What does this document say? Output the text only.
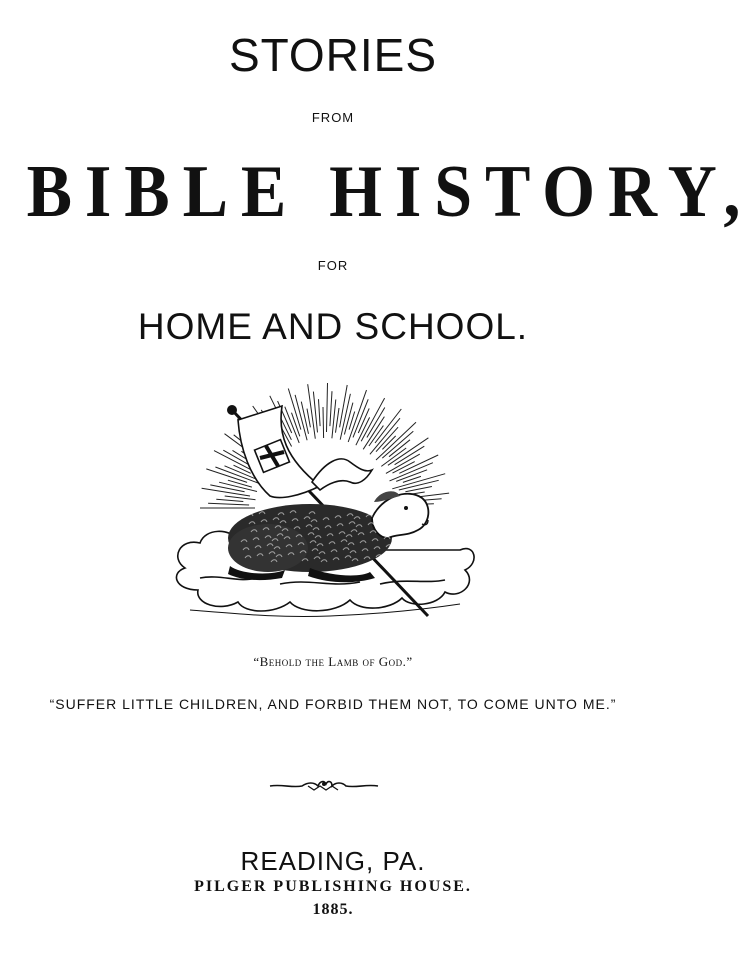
STORIES
FROM
BIBLE HISTORY,
FOR
HOME AND SCHOOL.
“Behold the Lamb of God.”
“SUFFER LITTLE CHILDREN, AND FORBID THEM NOT, TO COME UNTO ME.”
READING, PA.
PILGER PUBLISHING HOUSE.
1885.
